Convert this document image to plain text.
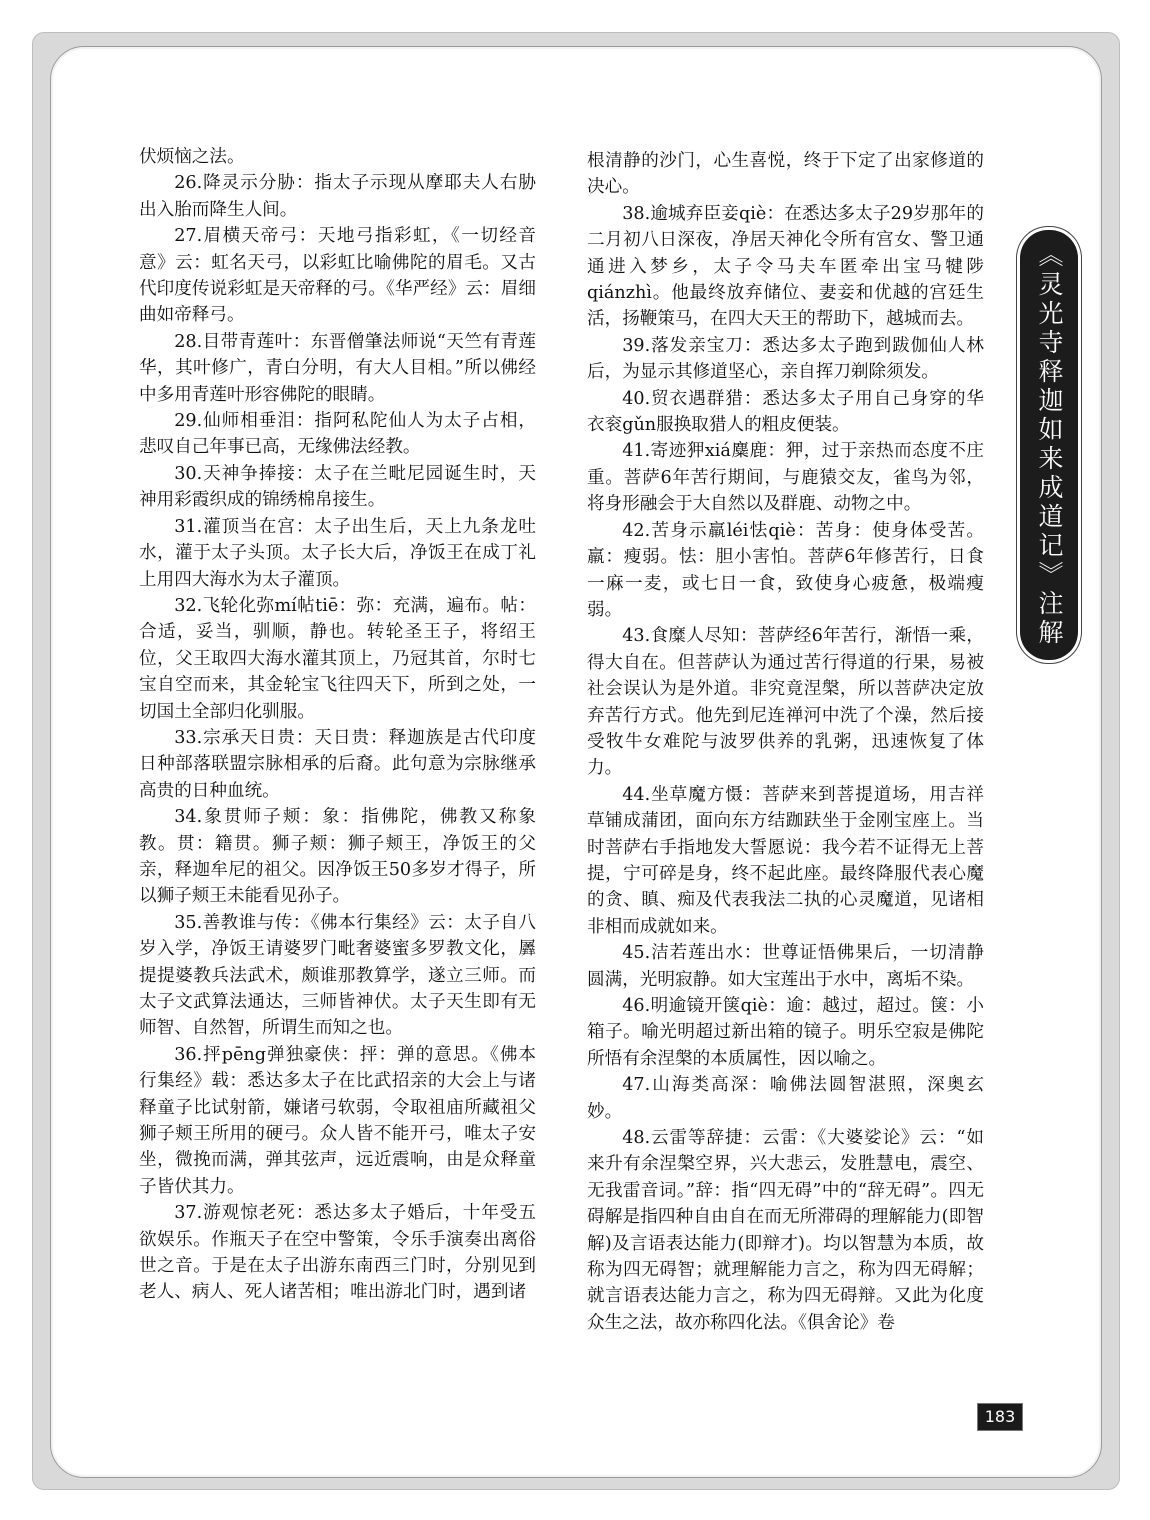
伏烦恼之法。

26.降灵示分胁：指太子示现从摩耶夫人右胁出入胎而降生人间。

27.眉横天帝弓：天地弓指彩虹，《一切经音意》云：虹名天弓，以彩虹比喻佛陀的眉毛。又古代印度传说彩虹是天帝释的弓。《华严经》云：眉细曲如帝释弓。

28.目带青莲叶：东晋僧肇法师说“天竺有青莲华，其叶修广，青白分明，有大人目相。”所以佛经中多用青莲叶形容佛陀的眼睛。

29.仙师相垂泪：指阿私陀仙人为太子占相，悲叹自己年事已高，无缘佛法经教。

30.天神争捧接：太子在兰毗尼园诞生时，天神用彩霞织成的锦绣棉帛接生。

31.灌顶当在宫：太子出生后，天上九条龙吐水，灌于太子头顶。太子长大后，净饭王在成丁礼上用四大海水为太子灌顶。

32.飞轮化弥mí帖tiē：弥：充满，遍布。帖：合适，妥当，驯顺，静也。转轮圣王子，将绍王位，父王取四大海水灌其顶上，乃冠其首，尔时七宝自空而来，其金轮宝飞往四天下，所到之处，一切国土全部归化驯服。

33.宗承天日贵：天日贵：释迦族是古代印度日种部落联盟宗脉相承的后裔。此句意为宗脉继承高贵的日种血统。

34.象贯师子颊：象：指佛陀，佛教又称象教。贯：籍贯。狮子颊：狮子颊王，净饭王的父亲，释迦牟尼的祖父。因净饭王50多岁才得子，所以狮子颊王未能看见孙子。

35.善教谁与传：《佛本行集经》云：太子自八岁入学，净饭王请婆罗门毗奢婆蜜多罗教文化，羼提提婆教兵法武术，颇谁那教算学，遂立三师。而太子文武算法通达，三师皆神伏。太子天生即有无师智、自然智，所谓生而知之也。

36.抨pēng弹独豪侠：抨：弹的意思。《佛本行集经》载：悉达多太子在比武招亲的大会上与诸释童子比试射箭，嫌诸弓软弱，令取祖庙所藏祖父狮子颊王所用的硬弓。众人皆不能开弓，唯太子安坐，微挽而满，弹其弦声，远近震响，由是众释童子皆伏其力。

37.游观惊老死：悉达多太子婚后，十年受五欲娱乐。作瓶天子在空中警策，令乐手演奏出离俗世之音。于是在太子出游东南西三门时，分别见到老人、病人、死人诸苦相；唯出游北门时，遇到诸

根清静的沙门，心生喜悦，终于下定了出家修道的决心。

38.逾城弃臣妾qiè：在悉达多太子29岁那年的二月初八日深夜，净居天神化令所有宫女、警卫通通进入梦乡，太子令马夫车匿牵出宝马犍陟qiánzhì。他最终放弃储位、妻妾和优越的宫廷生活，扬鞭策马，在四大天王的帮助下，越城而去。

39.落发亲宝刀：悉达多太子跑到跋伽仙人林后，为显示其修道坚心，亲自挥刀剃除须发。

40.贸衣遇群猎：悉达多太子用自己身穿的华衣衮gǔn服换取猎人的粗皮便装。

41.寄迹狎xiá麋鹿：狎，过于亲热而态度不庄重。菩萨6年苦行期间，与鹿猿交友，雀鸟为邻，将身形融会于大自然以及群鹿、动物之中。

42.苦身示羸léi怯qiè：苦身：使身体受苦。羸：瘦弱。怯：胆小害怕。菩萨6年修苦行，日食一麻一麦，或七日一食，致使身心疲惫，极端瘦弱。

43.食糜人尽知：菩萨经6年苦行，渐悟一乘，得大自在。但菩萨认为通过苦行得道的行果，易被社会误认为是外道。非究竟涅槃，所以菩萨决定放弃苦行方式。他先到尼连禅河中洗了个澡，然后接受牧牛女难陀与波罗供养的乳粥，迅速恢复了体力。

44.坐草魔方慑：菩萨来到菩提道场，用吉祥草铺成蒲团，面向东方结跏趺坐于金刚宝座上。当时菩萨右手指地发大誓愿说：我今若不证得无上菩提，宁可碎是身，终不起此座。最终降服代表心魔的贪、瞋、痴及代表我法二执的心灵魔道，见诸相非相而成就如来。

45.洁若莲出水：世尊证悟佛果后，一切清静圆满，光明寂静。如大宝莲出于水中，离垢不染。

46.明逾镜开箧qiè：逾：越过，超过。箧：小箱子。喻光明超过新出箱的镜子。明乐空寂是佛陀所悟有余涅槃的本质属性，因以喻之。

47.山海类高深：喻佛法圆智湛照，深奥玄妙。

48.云雷等辞捷：云雷：《大婆娑论》云：“如来升有余涅槃空界，兴大悲云，发胜慧电，震空、无我雷音词。”辞：指“四无碍”中的“辞无碍”。四无碍解是指四种自由自在而无所滞碍的理解能力(即智解)及言语表达能力(即辩才)。均以智慧为本质，故称为四无碍智；就理解能力言之，称为四无碍解；就言语表达能力言之，称为四无碍辩。又此为化度众生之法，故亦称四化法。《俱舍论》卷

《灵光寺释迦如来成道记》注解
183
